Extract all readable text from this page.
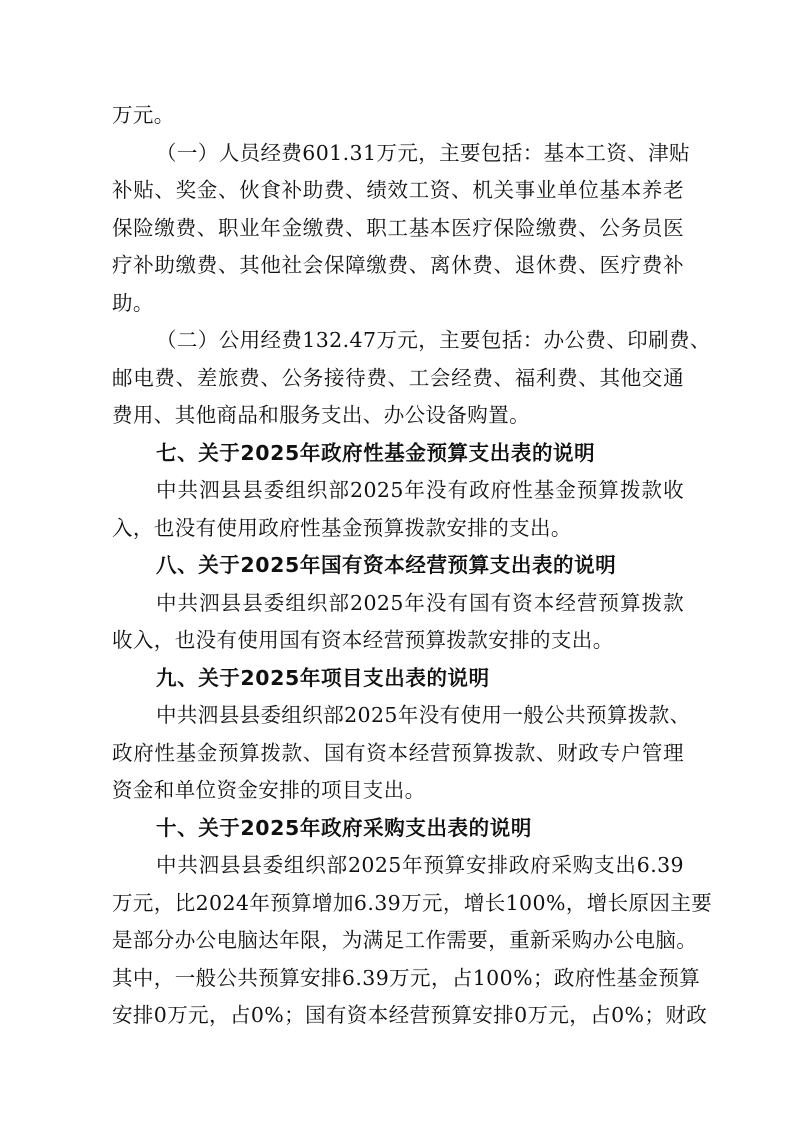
万元。
（一）人员经费601.31万元，主要包括：基本工资、津贴
补贴、奖金、伙食补助费、绩效工资、机关事业单位基本养老
保险缴费、职业年金缴费、职工基本医疗保险缴费、公务员医
疗补助缴费、其他社会保障缴费、离休费、退休费、医疗费补
助。
（二）公用经费132.47万元，主要包括：办公费、印刷费、
邮电费、差旅费、公务接待费、工会经费、福利费、其他交通
费用、其他商品和服务支出、办公设备购置。
七、关于2025年政府性基金预算支出表的说明
中共泗县县委组织部2025年没有政府性基金预算拨款收
入，也没有使用政府性基金预算拨款安排的支出。
八、关于2025年国有资本经营预算支出表的说明
中共泗县县委组织部2025年没有国有资本经营预算拨款
收入，也没有使用国有资本经营预算拨款安排的支出。
九、关于2025年项目支出表的说明
中共泗县县委组织部2025年没有使用一般公共预算拨款、
政府性基金预算拨款、国有资本经营预算拨款、财政专户管理
资金和单位资金安排的项目支出。
十、关于2025年政府采购支出表的说明
中共泗县县委组织部2025年预算安排政府采购支出6.39
万元，比2024年预算增加6.39万元，增长100%，增长原因主要
是部分办公电脑达年限，为满足工作需要，重新采购办公电脑。
其中，一般公共预算安排6.39万元，占100%；政府性基金预算
安排0万元，占0%；国有资本经营预算安排0万元，占0%；财政
